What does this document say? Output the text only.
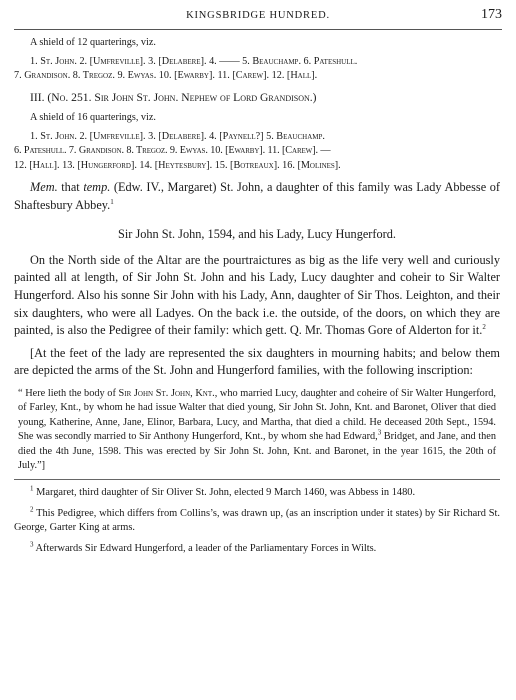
KINGSBRIDGE HUNDRED.	173

A shield of 12 quarterings, viz.

1. St. John. 2. [Umfreville]. 3. [Delabere]. 4. —— 5. Beauchamp. 6. Pateshull.

7. Grandison. 8. Tregoz. 9. Ewyas. 10. [Ewarby]. 11. [Carew]. 12. [Hall].

III. (No. 251. Sir John St. John. Nephew of Lord Grandison.)

A shield of 16 quarterings, viz.

1. St. John. 2. [Umfreville]. 3. [Delabere]. 4. [Paynell?] 5. Beauchamp.

6. Pateshull. 7. Grandison. 8. Tregoz. 9. Ewyas. 10. [Ewarby]. 11. [Carew]. —

12. [Hall]. 13. [Hungerford]. 14. [Heytesbury]. 15. [Botreaux]. 16. [Molines].

Mem. that temp. (Edw. IV., Margaret) St. John, a daughter of this family was Lady Abbesse of Shaftesbury Abbey.$^1$

Sir John St. John, 1594, and his Lady, Lucy Hungerford.

On the North side of the Altar are the pourtraictures as big as the life very well and curiously painted all at length, of Sir John St. John and his Lady, Lucy daughter and coheir to Sir Walter Hungerford. Also his sonne Sir John with his Lady, Ann, daughter of Sir Thos. Leighton, and their six daughters, who were all Ladyes. On the back i.e. the outside, of the doors, on which they are painted, is also the Pedigree of their family: which gett. Q. Mr. Thomas Gore of Alderton for it.$^2$

[At the feet of the lady are represented the six daughters in mourning habits; and below them are depicted the arms of the St. John and Hungerford families, with the following inscription:

“ Here lieth the body of Sir John St. John, Knt., who married Lucy, daughter and coheire of Sir Walter Hungerford, of Farley, Knt., by whom he had issue Walter that died young, Sir John St. John, Knt. and Baronet, Oliver that died young, Katherine, Anne, Jane, Elinor, Barbara, Lucy, and Martha, that died a child. He deceased 20th Sept., 1594. She was secondly married to Sir Anthony Hungerford, Knt., by whom she had Edward,$^3$ Bridget, and Jane, and then died the 4th June, 1598. This was erected by Sir John St. John, Knt. and Baronet, in the year 1615, the 20th of July.”]

$^1$ Margaret, third daughter of Sir Oliver St. John, elected 9 March 1460, was Abbess in 1480.

$^2$ This Pedigree, which differs from Collins’s, was drawn up, (as an inscription under it states) by Sir Richard St. George, Garter King at arms.

$^3$ Afterwards Sir Edward Hungerford, a leader of the Parliamentary Forces in Wilts.
